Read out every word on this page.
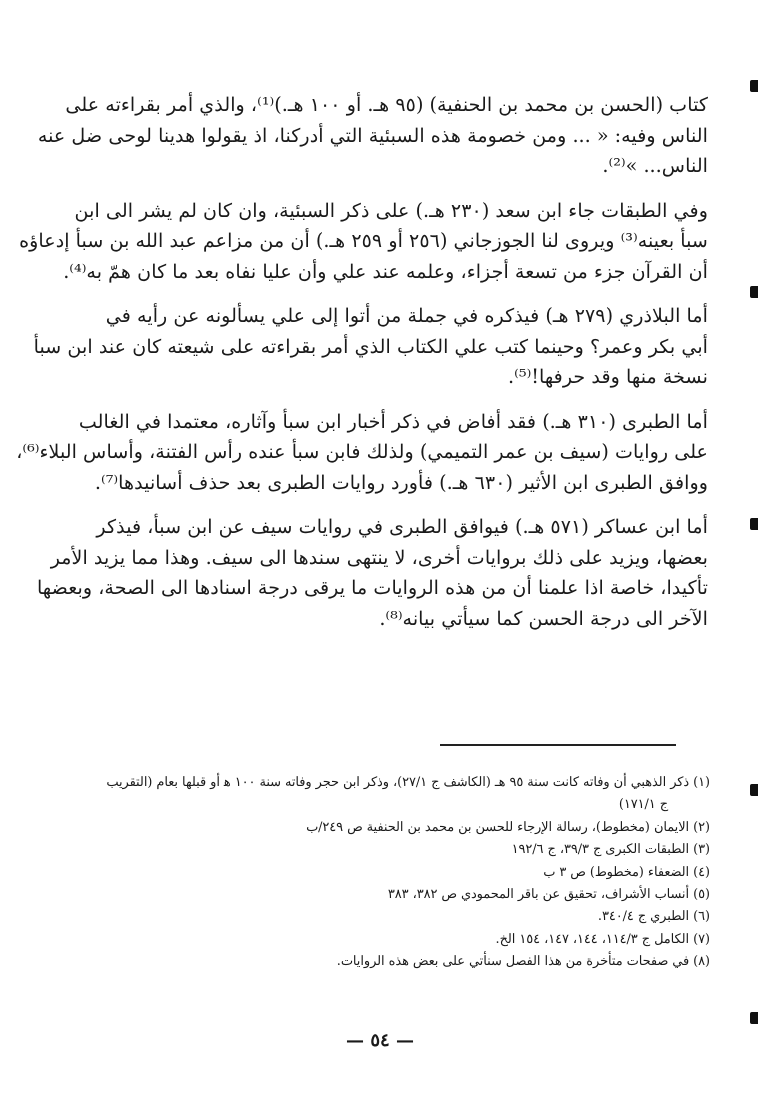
كتاب (الحسن بن محمد بن الحنفية) (٩٥ هـ. أو ١٠٠ هـ.)⁽¹⁾، والذي أمر بقراءته على
الناس وفيه: « ... ومن خصومة هذه السبئية التي أدركنا، اذ يقولوا هدينا لوحى ضل عنه
الناس... »⁽²⁾.

وفي الطبقات جاء ابن سعد (٢٣٠ هـ.) على ذكر السبئية، وان كان لم يشر الى ابن
سبأ بعينه⁽³⁾ ويروى لنا الجوزجاني (٢٥٦ أو ٢٥٩ هـ.) أن من مزاعم عبد الله بن سبأ إدعاؤه
أن القرآن جزء من تسعة أجزاء، وعلمه عند علي وأن عليا نفاه بعد ما كان همّ به⁽⁴⁾.

أما البلاذري (٢٧٩ هـ) فيذكره في جملة من أتوا إلى علي يسألونه عن رأيه في
أبي بكر وعمر؟ وحينما كتب علي الكتاب الذي أمر بقراءته على شيعته كان عند ابن سبأ
نسخة منها وقد حرفها!⁽⁵⁾.

أما الطبرى (٣١٠ هـ.) فقد أفاض في ذكر أخبار ابن سبأ وآثاره، معتمدا في الغالب
على روايات (سيف بن عمر التميمي) ولذلك فابن سبأ عنده رأس الفتنة، وأساس البلاء⁽⁶⁾،
ووافق الطبرى ابن الأثير (٦٣٠ هـ.) فأورد روايات الطبرى بعد حذف أسانيدها⁽⁷⁾.

أما ابن عساكر (٥٧١ هـ.) فيوافق الطبرى في روايات سيف عن ابن سبأ، فيذكر
بعضها، ويزيد على ذلك بروايات أخرى، لا ينتهى سندها الى سيف. وهذا مما يزيد الأمر
تأكيدا، خاصة اذا علمنا أن من هذه الروايات ما يرقى درجة اسنادها الى الصحة، وبعضها
الآخر الى درجة الحسن كما سيأتي بيانه⁽⁸⁾.

(١) ذكر الذهبي أن وفاته كانت سنة ٩٥ هـ (الكاشف ج ٢٧/١)، وذكر ابن حجر وفاته سنة ١٠٠ ﻫ أو قبلها بعام (التقريب
ج ١٧١/١)
(٢) الايمان (مخطوط)، رسالة الإرجاء للحسن بن محمد بن الحنفية ص ٢٤٩/ب
(٣) الطبقات الكبرى ج ٣٩/٣، ج ١٩٢/٦
(٤) الضعفاء (مخطوط) ص ٣ ب
(٥) أنساب الأشراف، تحقيق عن باقر المحمودي ص ٣٨٢، ٣٨٣
(٦) الطبري ج ٣٤٠/٤.
(٧) الكامل ج ١١٤/٣، ١٤٤، ١٤٧، ١٥٤ الخ.
(٨) في صفحات متأخرة من هذا الفصل سنأتي على بعض هذه الروايات.
— ٥٤ —
